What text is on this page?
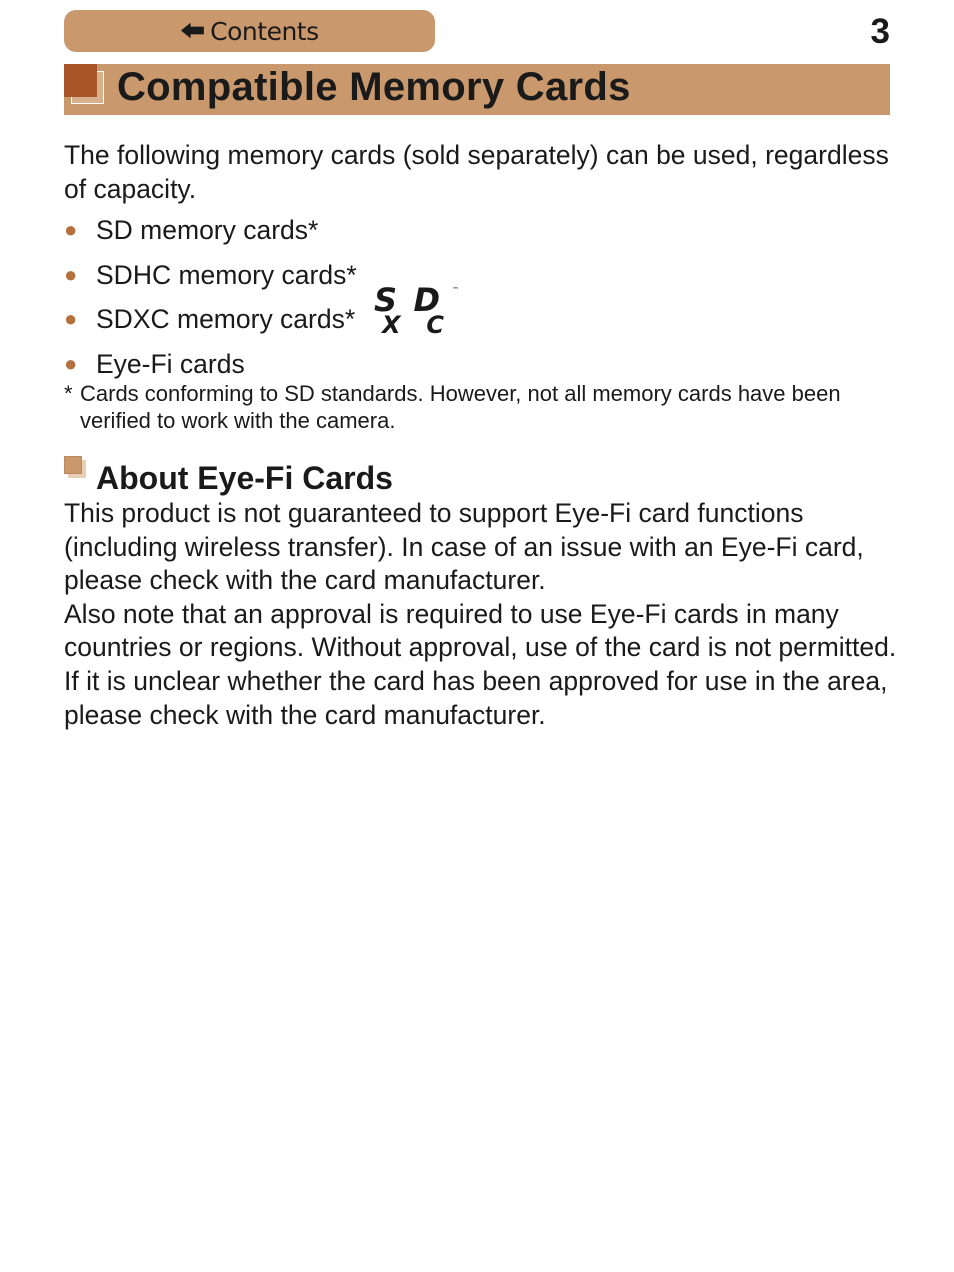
🠰 Contents	3
Compatible Memory Cards

The following memory cards (sold separately) can be used, regardless of capacity.

● SD memory cards*
● SDHC memory cards*
● SDXC memory cards*
● Eye-Fi cards
SD
XC
™
* Cards conforming to SD standards. However, not all memory cards have been verified to work with the camera.
About Eye-Fi Cards
This product is not guaranteed to support Eye-Fi card functions (including wireless transfer). In case of an issue with an Eye-Fi card, please check with the card manufacturer.
Also note that an approval is required to use Eye-Fi cards in many countries or regions. Without approval, use of the card is not permitted. If it is unclear whether the card has been approved for use in the area, please check with the card manufacturer.
